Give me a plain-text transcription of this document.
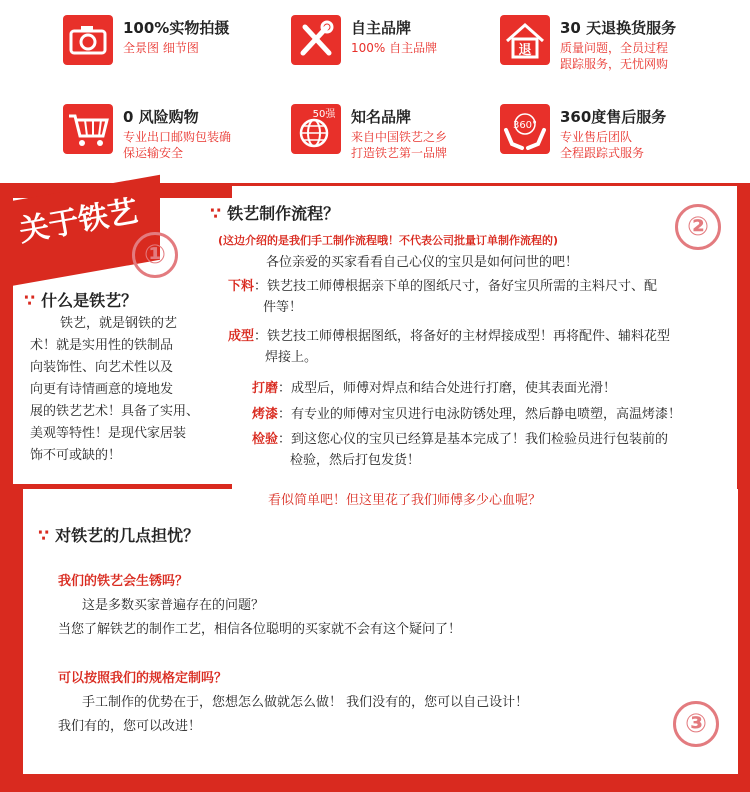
100%实物拍摄
全景图 细节图
自主品牌
100% 自主品牌	退
30 天退换货服务
质量问题，全员过程
跟踪服务，无忧网购
0 风险购物
专业出口邮购包装确
保运输安全
50强 知名品牌
来自中国铁艺之乡
打造铁艺第一品牌
360° 360度售后服务
专业售后团队
全程跟踪式服务
关于铁艺
①
∵ 什么是铁艺？
铁艺，就是钢铁的艺
术！就是实用性的铁制品
向装饰性、向艺术性以及
向更有诗情画意的境地发
展的铁艺艺术！具备了实用、
美观等特性！是现代家居装
饰不可或缺的！
②
∵ 铁艺制作流程？
(这边介绍的是我们手工制作流程哦！不代表公司批量订单制作流程的)
各位亲爱的买家看看自己心仪的宝贝是如何问世的吧！
下料：铁艺技工师傅根据亲下单的图纸尺寸，备好宝贝所需的主料尺寸、配
件等！
成型：铁艺技工师傅根据图纸，将备好的主材焊接成型！再将配件、辅料花型
焊接上。
打磨：成型后，师傅对焊点和结合处进行打磨，使其表面光滑！
烤漆：有专业的师傅对宝贝进行电泳防锈处理，然后静电喷塑，高温烤漆！
检验：到这您心仪的宝贝已经算是基本完成了！我们检验员进行包装前的
检验，然后打包发货！
看似简单吧！但这里花了我们师傅多少心血呢？
∵ 对铁艺的几点担忧？
我们的铁艺会生锈吗？
这是多数买家普遍存在的问题？
当您了解铁艺的制作工艺，相信各位聪明的买家就不会有这个疑问了！
可以按照我们的规格定制吗？
手工制作的优势在于，您想怎么做就怎么做！ 我们没有的，您可以自己设计！
我们有的，您可以改进！	③
